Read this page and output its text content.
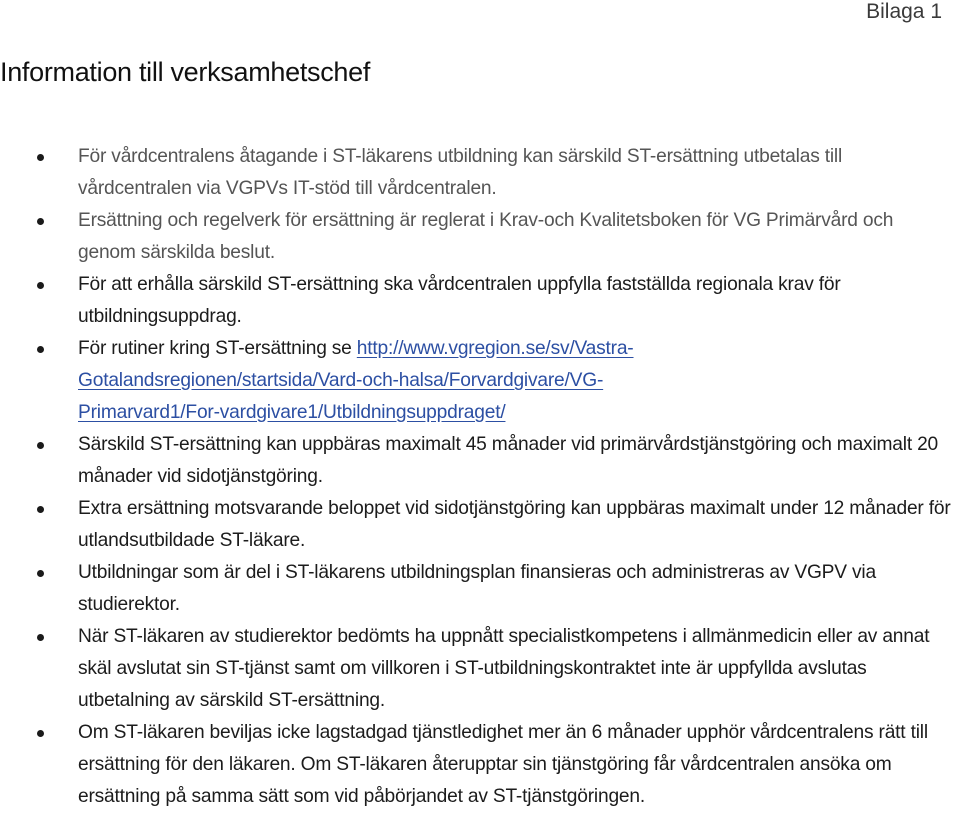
Bilaga 1
Information till verksamhetschef
För vårdcentralens åtagande i ST-läkarens utbildning kan särskild ST-ersättning utbetalas till vårdcentralen via VGPVs IT-stöd till vårdcentralen.
Ersättning och regelverk för ersättning är reglerat i Krav-och Kvalitetsboken för VG Primärvård och genom särskilda beslut.
För att erhålla särskild ST-ersättning ska vårdcentralen uppfylla fastställda regionala krav för utbildningsuppdrag.
För rutiner kring ST-ersättning se http://www.vgregion.se/sv/Vastra-
Gotalandsregionen/startsida/Vard-och-halsa/Forvardgivare/VG-
Primarvard1/For-vardgivare1/Utbildningsuppdraget/
Särskild ST-ersättning kan uppbäras maximalt 45 månader vid primärvårdstjänstgöring och maximalt 20 månader vid sidotjänstgöring.
Extra ersättning motsvarande beloppet vid sidotjänstgöring kan uppbäras maximalt under 12 månader för utlandsutbildade ST-läkare.
Utbildningar som är del i ST-läkarens utbildningsplan finansieras och administreras av VGPV via studierektor.
När ST-läkaren av studierektor bedömts ha uppnått specialistkompetens i allmänmedicin eller av annat skäl avslutat sin ST-tjänst samt om villkoren i ST-utbildningskontraktet inte är uppfyllda avslutas utbetalning av särskild ST-ersättning.
Om ST-läkaren beviljas icke lagstadgad tjänstledighet mer än 6 månader upphör vårdcentralens rätt till ersättning för den läkaren. Om ST-läkaren återupptar sin tjänstgöring får vårdcentralen ansöka om ersättning på samma sätt som vid påbörjandet av ST-tjänstgöringen.
